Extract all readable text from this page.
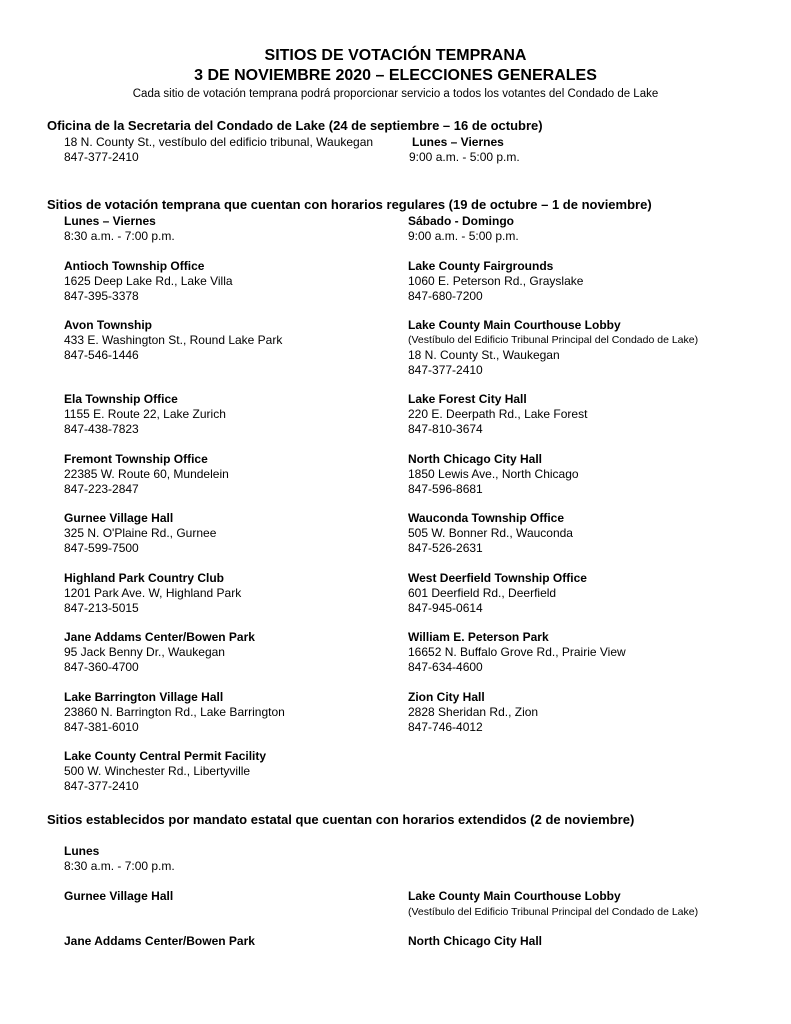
SITIOS DE VOTACIÓN TEMPRANA
3 DE NOVIEMBRE 2020 – ELECCIONES GENERALES
Cada sitio de votación temprana podrá proporcionar servicio a todos los votantes del Condado de Lake
Oficina de la Secretaria del Condado de Lake (24 de septiembre – 16 de octubre)
18 N. County St., vestíbulo del edificio tribunal, Waukegan
847-377-2410
Lunes – Viernes
9:00 a.m. - 5:00 p.m.
Sitios de votación temprana que cuentan con horarios regulares (19 de octubre – 1 de noviembre)
Lunes – Viernes
8:30 a.m. - 7:00 p.m.
Sábado - Domingo
9:00 a.m. - 5:00 p.m.
Antioch Township Office
1625 Deep Lake Rd., Lake Villa
847-395-3378
Avon Township
433 E. Washington St., Round Lake Park
847-546-1446
Ela Township Office
1155 E. Route 22, Lake Zurich
847-438-7823
Fremont Township Office
22385 W. Route 60, Mundelein
847-223-2847
Gurnee Village Hall
325 N. O'Plaine Rd., Gurnee
847-599-7500
Highland Park Country Club
1201 Park Ave. W, Highland Park
847-213-5015
Jane Addams Center/Bowen Park
95 Jack Benny Dr., Waukegan
847-360-4700
Lake Barrington Village Hall
23860 N. Barrington Rd., Lake Barrington
847-381-6010
Lake County Central Permit Facility
500 W. Winchester Rd., Libertyville
847-377-2410
Lake County Fairgrounds
1060 E. Peterson Rd., Grayslake
847-680-7200
Lake County Main Courthouse Lobby
(Vestíbulo del Edificio Tribunal Principal del Condado de Lake)
18 N. County St., Waukegan
847-377-2410
Lake Forest City Hall
220 E. Deerpath Rd., Lake Forest
847-810-3674
North Chicago City Hall
1850 Lewis Ave., North Chicago
847-596-8681
Wauconda Township Office
505 W. Bonner Rd., Wauconda
847-526-2631
West Deerfield Township Office
601 Deerfield Rd., Deerfield
847-945-0614
William E. Peterson Park
16652 N. Buffalo Grove Rd., Prairie View
847-634-4600
Zion City Hall
2828 Sheridan Rd., Zion
847-746-4012
Sitios establecidos por mandato estatal que cuentan con horarios extendidos (2 de noviembre)
Lunes
8:30 a.m. - 7:00 p.m.
Gurnee Village Hall	Lake County Main Courthouse Lobby
(Vestíbulo del Edificio Tribunal Principal del Condado de Lake)
Jane Addams Center/Bowen Park	North Chicago City Hall
